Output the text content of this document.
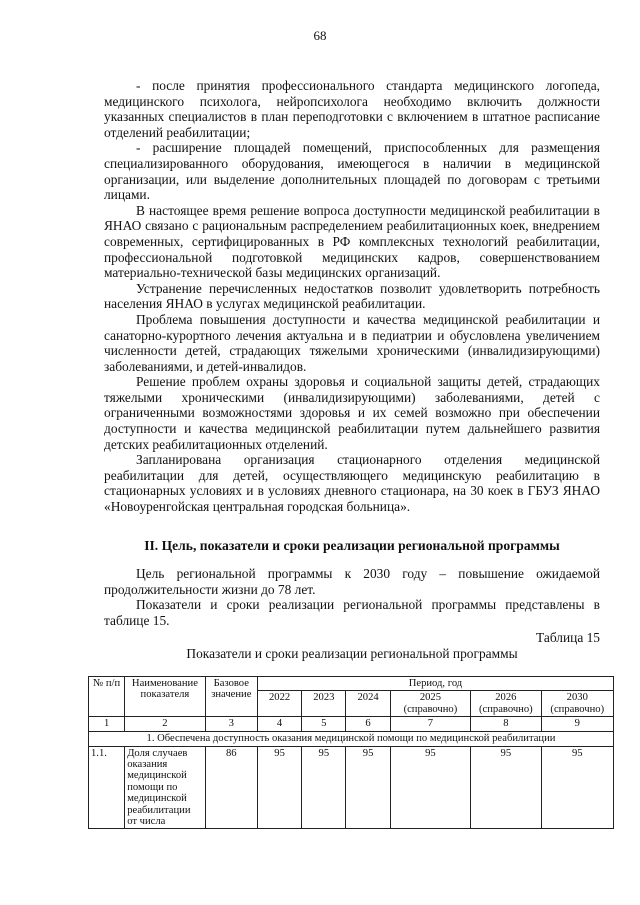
68

- после принятия профессионального стандарта медицинского логопеда, медицинского психолога, нейропсихолога необходимо включить должности указанных специалистов в план переподготовки с включением в штатное расписание отделений реабилитации;

- расширение площадей помещений, приспособленных для размещения специализированного оборудования, имеющегося в наличии в медицинской организации, или выделение дополнительных площадей по договорам с третьими лицами.

В настоящее время решение вопроса доступности медицинской реабилитации в ЯНАО связано с рациональным распределением реабилитационных коек, внедрением современных, сертифицированных в РФ комплексных технологий реабилитации, профессиональной подготовкой медицинских кадров, совершенствованием материально-технической базы медицинских организаций.

Устранение перечисленных недостатков позволит удовлетворить потребность населения ЯНАО в услугах медицинской реабилитации.

Проблема повышения доступности и качества медицинской реабилитации и санаторно-курортного лечения актуальна и в педиатрии и обусловлена увеличением численности детей, страдающих тяжелыми хроническими (инвалидизирующими) заболеваниями, и детей-инвалидов.

Решение проблем охраны здоровья и социальной защиты детей, страдающих тяжелыми хроническими (инвалидизирующими) заболеваниями, детей с ограниченными возможностями здоровья и их семей возможно при обеспечении доступности и качества медицинской реабилитации путем дальнейшего развития детских реабилитационных отделений.

Запланирована организация стационарного отделения медицинской реабилитации для детей, осуществляющего медицинскую реабилитацию в стационарных условиях и в условиях дневного стационара, на 30 коек в ГБУЗ ЯНАО «Новоуренгойская центральная городская больница».

II. Цель, показатели и сроки реализации региональной программы

Цель региональной программы к 2030 году – повышение ожидаемой продолжительности жизни до 78 лет.

Показатели и сроки реализации региональной программы представлены в таблице 15.

Таблица 15
Показатели и сроки реализации региональной программы
№ п/п	Наименование показателя	Базовое значение	Период, год					
			2022	2023	2024	2025 (справочно)	2026 (справочно)	2030 (справочно)
1	2	3	4	5	6	7	8	9
1. Обеспечена доступность оказания медицинской помощи по медицинской реабилитации								
1.1.	Доля случаев оказания медицинской помощи по медицинской реабилитации от числа	86	95	95	95	95	95	95
